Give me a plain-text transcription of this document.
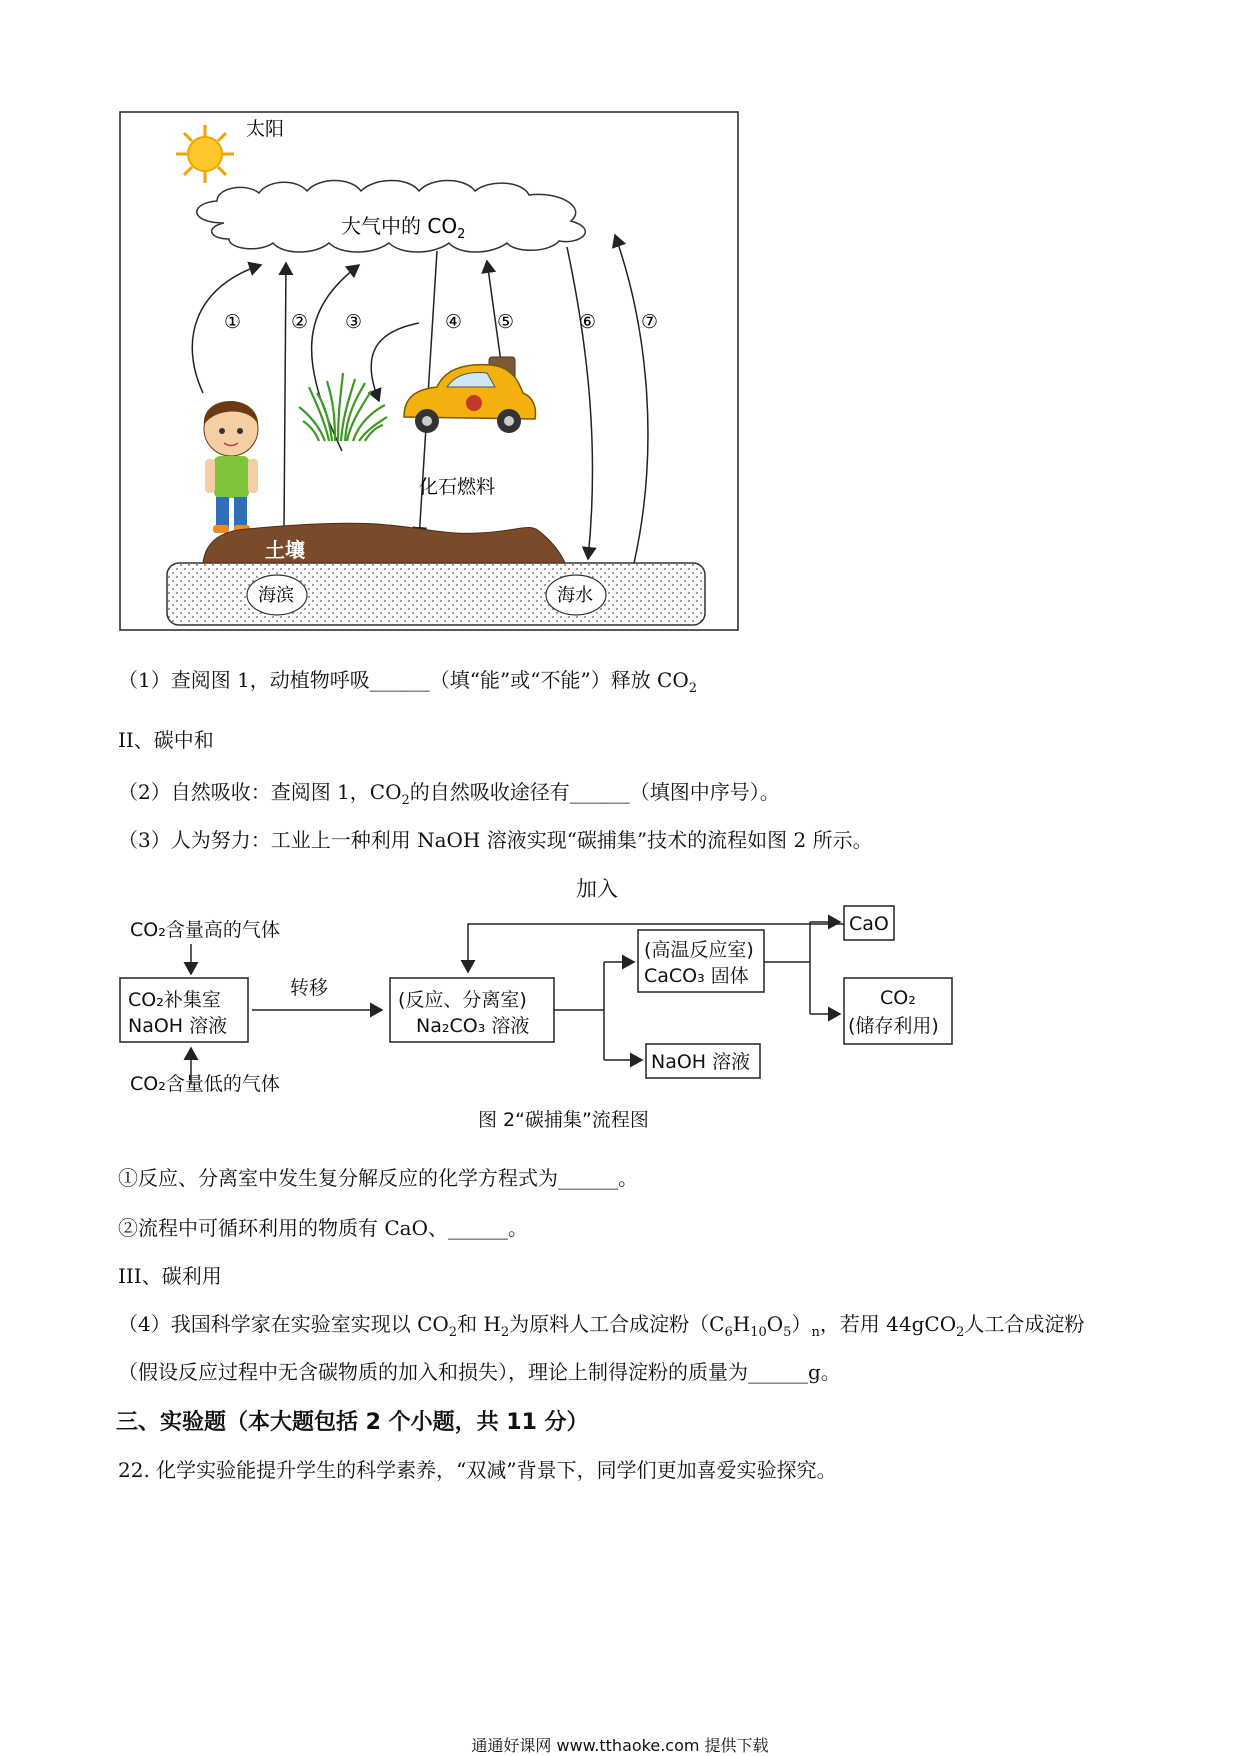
太阳
大气中的 $CO_2$
①	② ③	④ ⑤	⑥ ⑦
化石燃料
土壤
海滨	海水
（1）查阅图 1，动植物呼吸______（填“能”或“不能”）释放 $CO_2$
II、碳中和
（2）自然吸收：查阅图 1，$CO_2$的自然吸收途径有______（填图中序号）。
（3）人为努力：工业上一种利用 NaOH 溶液实现“碳捕集”技术的流程如图 2 所示。
加入
CO₂含量高的气体
CO₂补集室
NaOH 溶液
CO₂含量低的气体
转移
(反应、分离室)
Na₂CO₃ 溶液
(高温反应室)
CaCO₃ 固体
NaOH 溶液
CaO
CO₂
(储存利用)
图 2“碳捕集”流程图
①反应、分离室中发生复分解反应的化学方程式为______。
②流程中可循环利用的物质有 CaO、______。
III、碳利用
（4）我国科学家在实验室实现以 $CO_2$和 $H_2$为原料人工合成淀粉$(C_6H_{10}O_5)_n$，若用 44gCO$_2$人工合成淀粉
（假设反应过程中无含碳物质的加入和损失），理论上制得淀粉的质量为______g。
三、实验题（本大题包括 2 个小题，共 11 分）
22. 化学实验能提升学生的科学素养，“双减”背景下，同学们更加喜爱实验探究。
通通好课网 www.tthaoke.com 提供下载
